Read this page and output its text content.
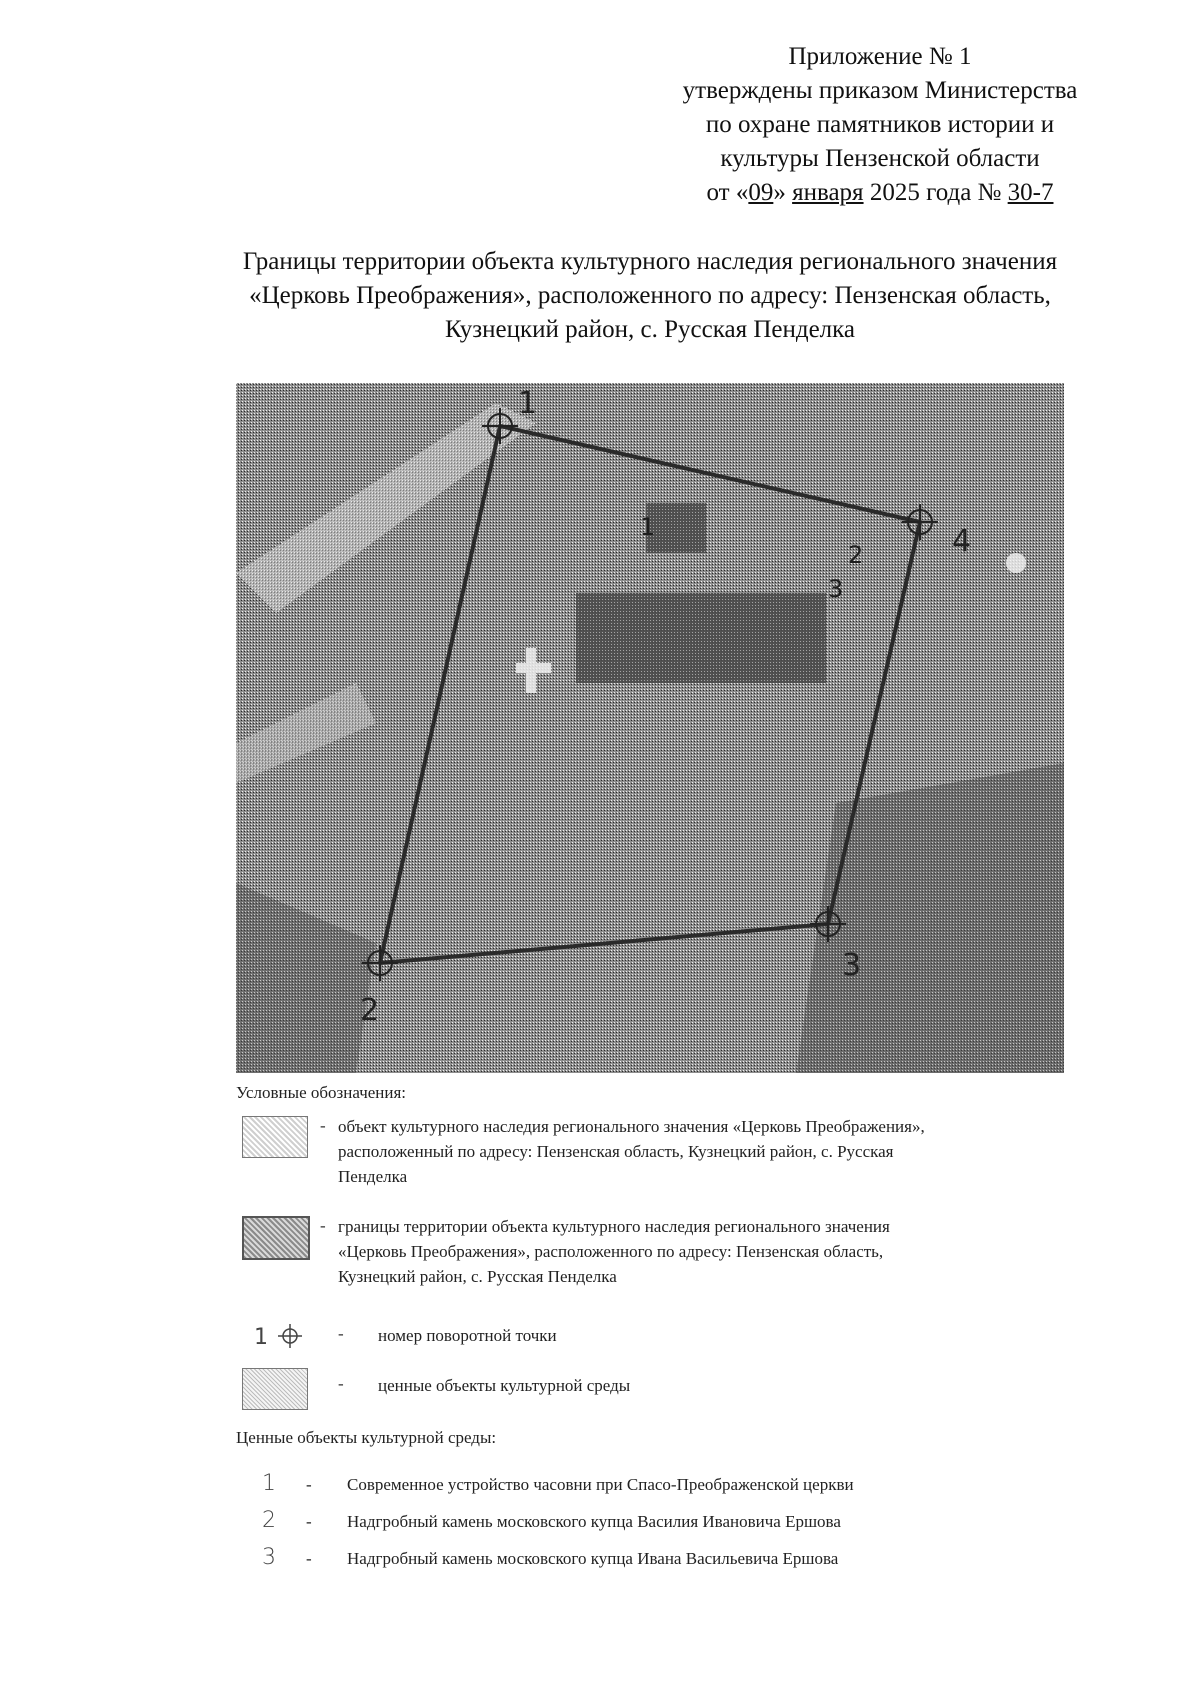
Приложение № 1
утверждены приказом Министерства
по охране памятников истории и
культуры Пензенской области
от «09» января 2025 года № 30-7
Границы территории объекта культурного наследия регионального значения
«Церковь Преображения», расположенного по адресу: Пензенская область,
Кузнецкий район, с. Русская Пенделка
1
2
3
4
1
2
3
Условные обозначения:
- объект культурного наследия регионального значения «Церковь Преображения»,
расположенный по адресу: Пензенская область, Кузнецкий район, с. Русская
Пенделка
- границы территории объекта культурного наследия регионального значения
«Церковь Преображения», расположенного по адресу: Пензенская область,
Кузнецкий район, с. Русская Пенделка
1	- номер поворотной точки
- ценные объекты культурной среды
Ценные объекты культурной среды:
1 - Современное устройство часовни при Спасо-Преображенской церкви
2 - Надгробный камень московского купца Василия Ивановича Ершова
3 - Надгробный камень московского купца Ивана Васильевича Ершова
